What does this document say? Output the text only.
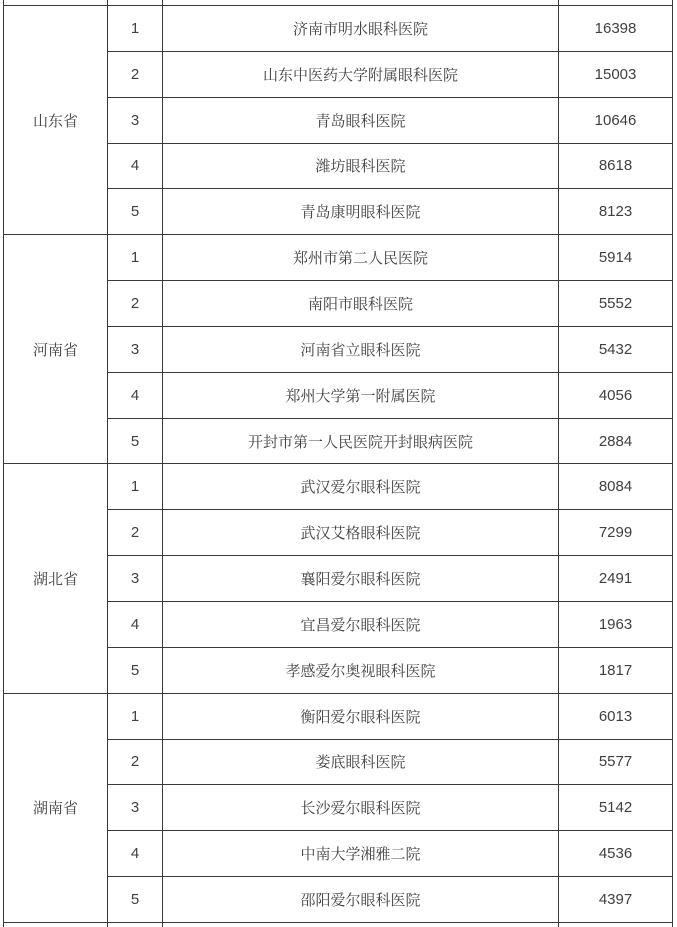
山东省	1	济南市明水眼科医院	16398
	2	山东中医药大学附属眼科医院	15003
	3	青岛眼科医院	10646
	4	潍坊眼科医院	8618
	5	青岛康明眼科医院	8123
河南省	1	郑州市第二人民医院	5914
	2	南阳市眼科医院	5552
	3	河南省立眼科医院	5432
	4	郑州大学第一附属医院	4056
	5	开封市第一人民医院开封眼病医院	2884
湖北省	1	武汉爱尔眼科医院	8084
	2	武汉艾格眼科医院	7299
	3	襄阳爱尔眼科医院	2491
	4	宜昌爱尔眼科医院	1963
	5	孝感爱尔奥视眼科医院	1817
湖南省	1	衡阳爱尔眼科医院	6013
	2	娄底眼科医院	5577
	3	长沙爱尔眼科医院	5142
	4	中南大学湘雅二院	4536
	5	邵阳爱尔眼科医院	4397
